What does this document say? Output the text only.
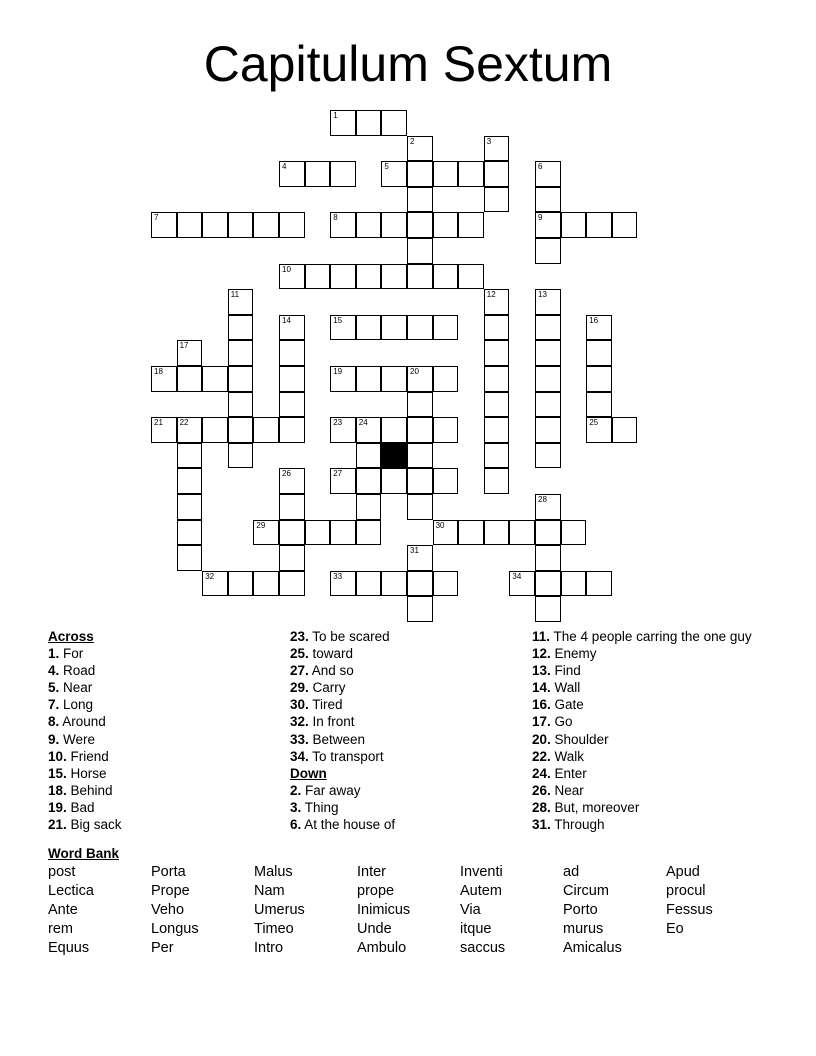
Capitulum Sextum
1
2	3
4	5	6
7	8	9
10
11	12	13
14	15	16
17
18	19	20
21 22	23 24	25
26	27
28
29	30
31
32	33	34
Across
1. For
4. Road
5. Near
7. Long
8. Around
9. Were
10. Friend
15. Horse
18. Behind
19. Bad
21. Big sack
23. To be scared
25. toward
27. And so
29. Carry
30. Tired
32. In front
33. Between
34. To transport
Down
2. Far away
3. Thing
6. At the house of
11. The 4 people carring the one guy
12. Enemy
13. Find
14. Wall
16. Gate
17. Go
20. Shoulder
22. Walk
24. Enter
26. Near
28. But, moreover
31. Through
Word Bank
post	Porta	Malus	Inter	Inventi	ad	Apud
Lectica	Prope	Nam	prope	Autem	Circum	procul
Ante	Veho	Umerus	Inimicus	Via	Porto	Fessus
rem	Longus	Timeo	Unde	itque	murus	Eo
Equus	Per	Intro	Ambulo	saccus	Amicalus
